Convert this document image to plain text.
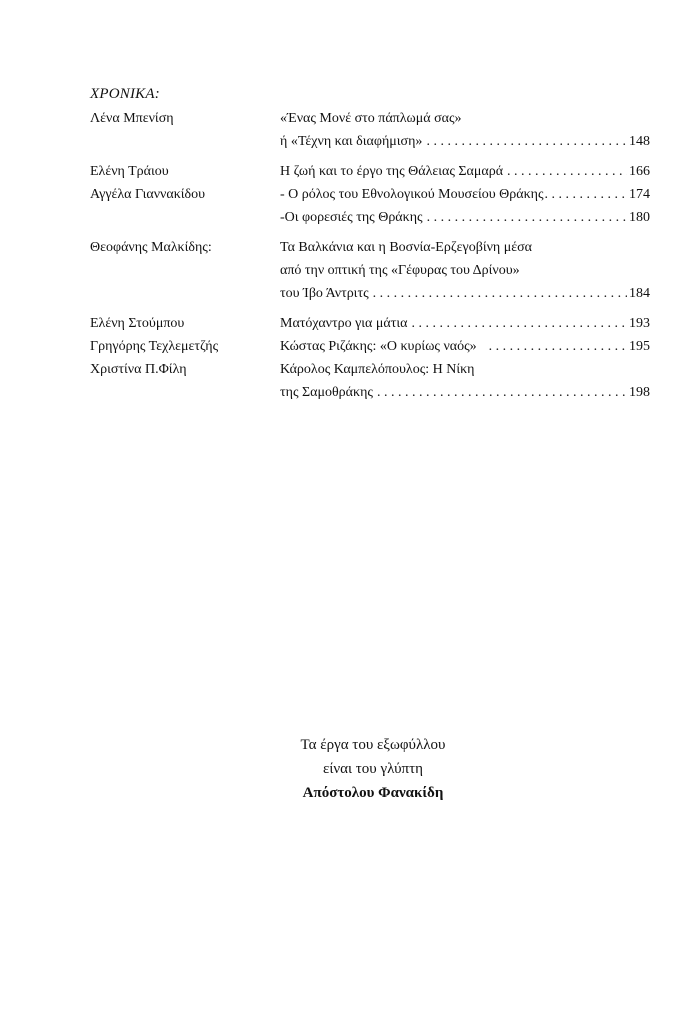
ΧΡΟΝΙΚΑ:
Λένα Μπενίση	«Ένας Μονέ στο πάπλωμά σας»
ή «Τέχνη και διαφήμιση» . . .	148
Ελένη Τράιου	Η ζωή και το έργο της Θάλειας Σαμαρά . . .	166
Αγγέλα Γιαννακίδου	- Ο ρόλος του Εθνολογικού Μουσείου Θράκης . . .	174
-Οι φορεσιές της Θράκης . . .	180
Θεοφάνης Μαλκίδης:	Τα Βαλκάνια και η Βοσνία-Ερζεγοβίνη μέσα
από την οπτική της «Γέφυρας του Δρίνου»
του Ίβο Άντριτς . . .	184
Ελένη Στούμπου	Ματόχαντρο για μάτια . . .	193
Γρηγόρης Τεχλεμετζής	Κώστας Ριζάκης: «Ο κυρίως ναός» . . .	195
Χριστίνα Π.Φίλη	Κάρολος Καμπελόπουλος: Η Νίκη
της Σαμοθράκης . . .	198
Τα έργα του εξωφύλλου
είναι του γλύπτη
Απόστολου Φανακίδη
